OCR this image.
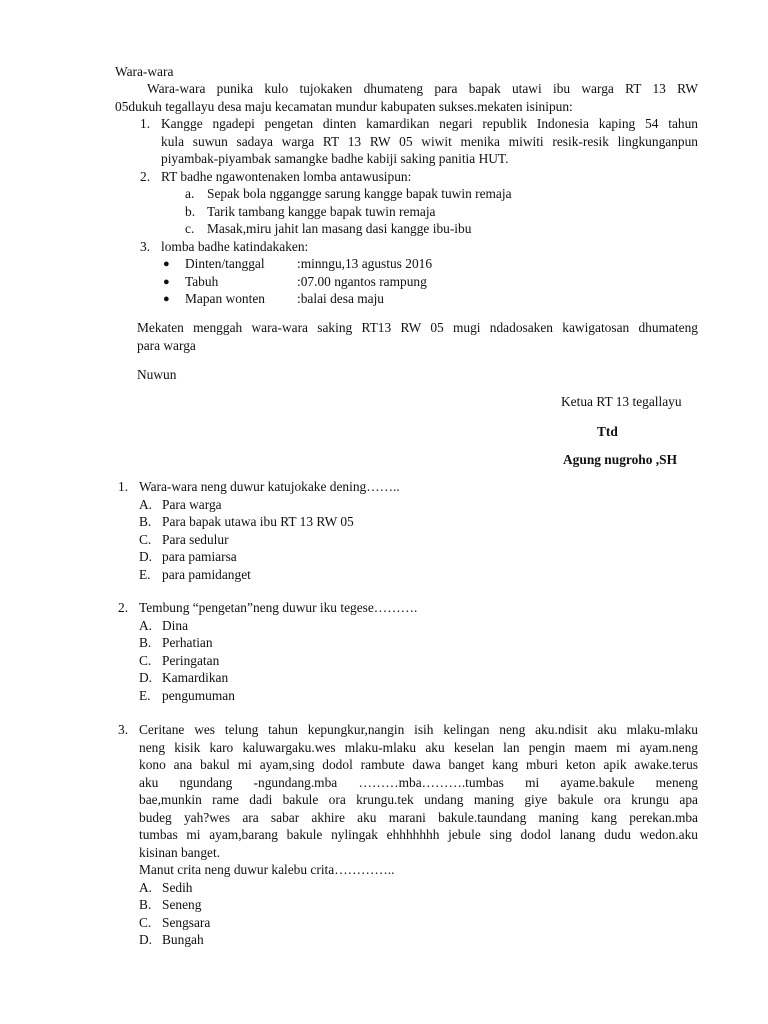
Wara-wara

Wara-wara punika kulo tujokaken dhumateng para bapak utawi ibu warga RT 13 RW

05dukuh tegallayu desa maju kecamatan mundur kabupaten sukses.mekaten isinipun:

1. Kangge ngadepi pengetan dinten kamardikan negari republik Indonesia kaping 54 tahun

kula suwun sadaya warga RT 13 RW 05 wiwit menika miwiti resik-resik lingkunganpun

piyambak-piyambak samangke badhe kabiji saking panitia HUT.

2. RT badhe ngawontenaken lomba antawusipun:

a. Sepak bola nggangge sarung kangge bapak tuwin remaja

b. Tarik tambang kangge bapak tuwin remaja

c. Masak,miru jahit lan masang dasi kangge ibu-ibu

3. lomba badhe katindakaken:

● Dinten/tanggal :minngu,13 agustus 2016

● Tabuh	:07.00 ngantos rampung

● Mapan wonten :balai desa maju

Mekaten menggah wara-wara saking RT13 RW 05 mugi ndadosaken kawigatosan dhumateng

para warga

Nuwun

Ketua RT 13 tegallayu

Ttd

Agung nugroho ,SH

1. Wara-wara neng duwur katujokake dening……..

A. Para warga
B. Para bapak utawa ibu RT 13 RW 05
C. Para sedulur
D. para pamiarsa
E. para pamidanget
2. Tembung “pengetan”neng duwur iku tegese……….

A. Dina
B. Perhatian
C. Peringatan
D. Kamardikan
E. pengumuman
3. Ceritane wes telung tahun kepungkur,nangin isih kelingan neng aku.ndisit aku mlaku-mlaku

neng kisik karo kaluwargaku.wes mlaku-mlaku aku keselan lan pengin maem mi ayam.neng

kono ana bakul mi ayam,sing dodol rambute dawa banget kang mburi keton apik awake.terus

aku ngundang -ngundang.mba ………mba……….tumbas mi ayame.bakule meneng

bae,munkin rame dadi bakule ora krungu.tek undang maning giye bakule ora krungu apa

budeg yah?wes ara sabar akhire aku marani bakule.taundang maning kang perekan.mba

tumbas mi ayam,barang bakule nylingak ehhhhhhh jebule sing dodol lanang dudu wedon.aku

kisinan banget.

Manut crita neng duwur kalebu crita…………..

A. Sedih
B. Seneng
C. Sengsara
D. Bungah
